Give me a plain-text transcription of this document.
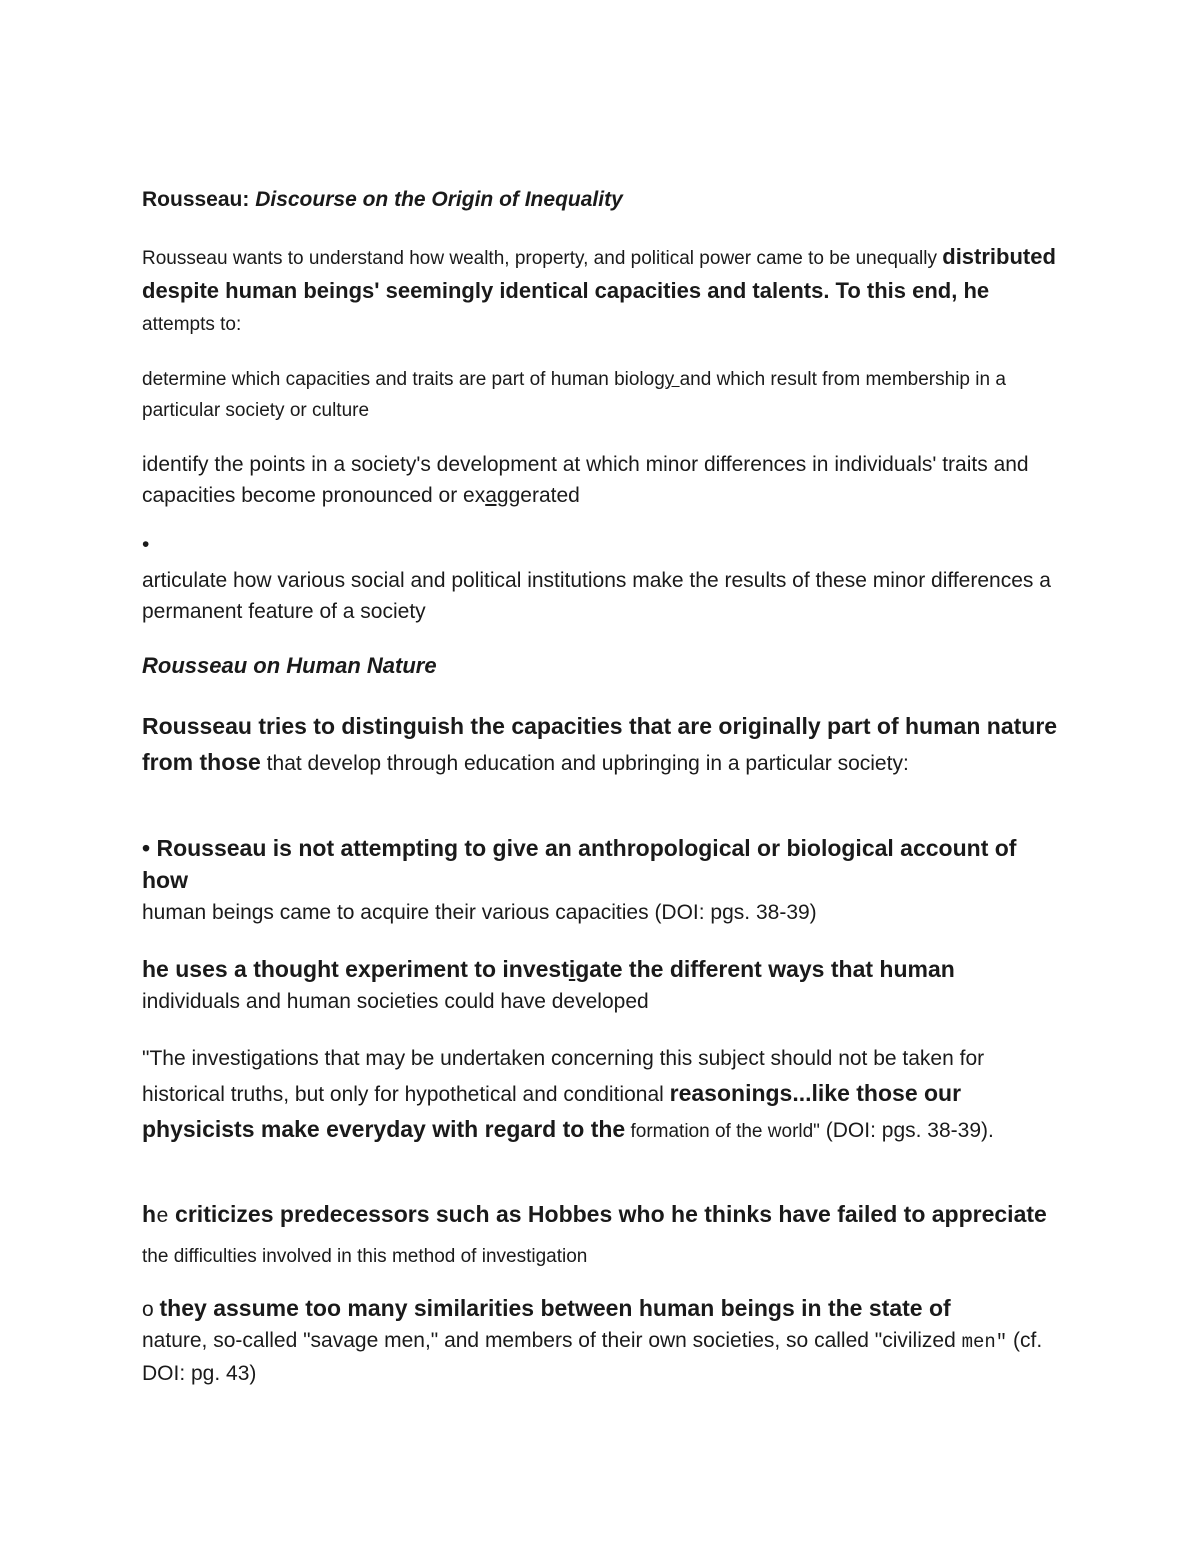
Rousseau: Discourse on the Origin of Inequality

Rousseau wants to understand how wealth, property, and political power came to be unequally distributed despite human beings' seemingly identical capacities and talents. To this end, he attempts to:

determine which capacities and traits are part of human biology and which result from membership in a particular society or culture

identify the points in a society's development at which minor differences in individuals' traits and capacities become pronounced or exaggerated

•

articulate how various social and political institutions make the results of these minor differences a permanent feature of a society

Rousseau on Human Nature

Rousseau tries to distinguish the capacities that are originally part of human nature from those that develop through education and upbringing in a particular society:

• Rousseau is not attempting to give an anthropological or biological account of how
human beings came to acquire their various capacities (DOI: pgs. 38-39)

he uses a thought experiment to investigate the different ways that human
individuals and human societies could have developed

"The investigations that may be undertaken concerning this subject should not be taken for historical truths, but only for hypothetical and conditional reasonings...like those our physicists make everyday with regard to the formation of the world" (DOI: pgs. 38-39).

he criticizes predecessors such as Hobbes who he thinks have failed to appreciate the difficulties involved in this method of investigation

o they assume too many similarities between human beings in the state of
nature, so-called "savage men," and members of their own societies, so called "civilized men" (cf. DOI: pg. 43)
